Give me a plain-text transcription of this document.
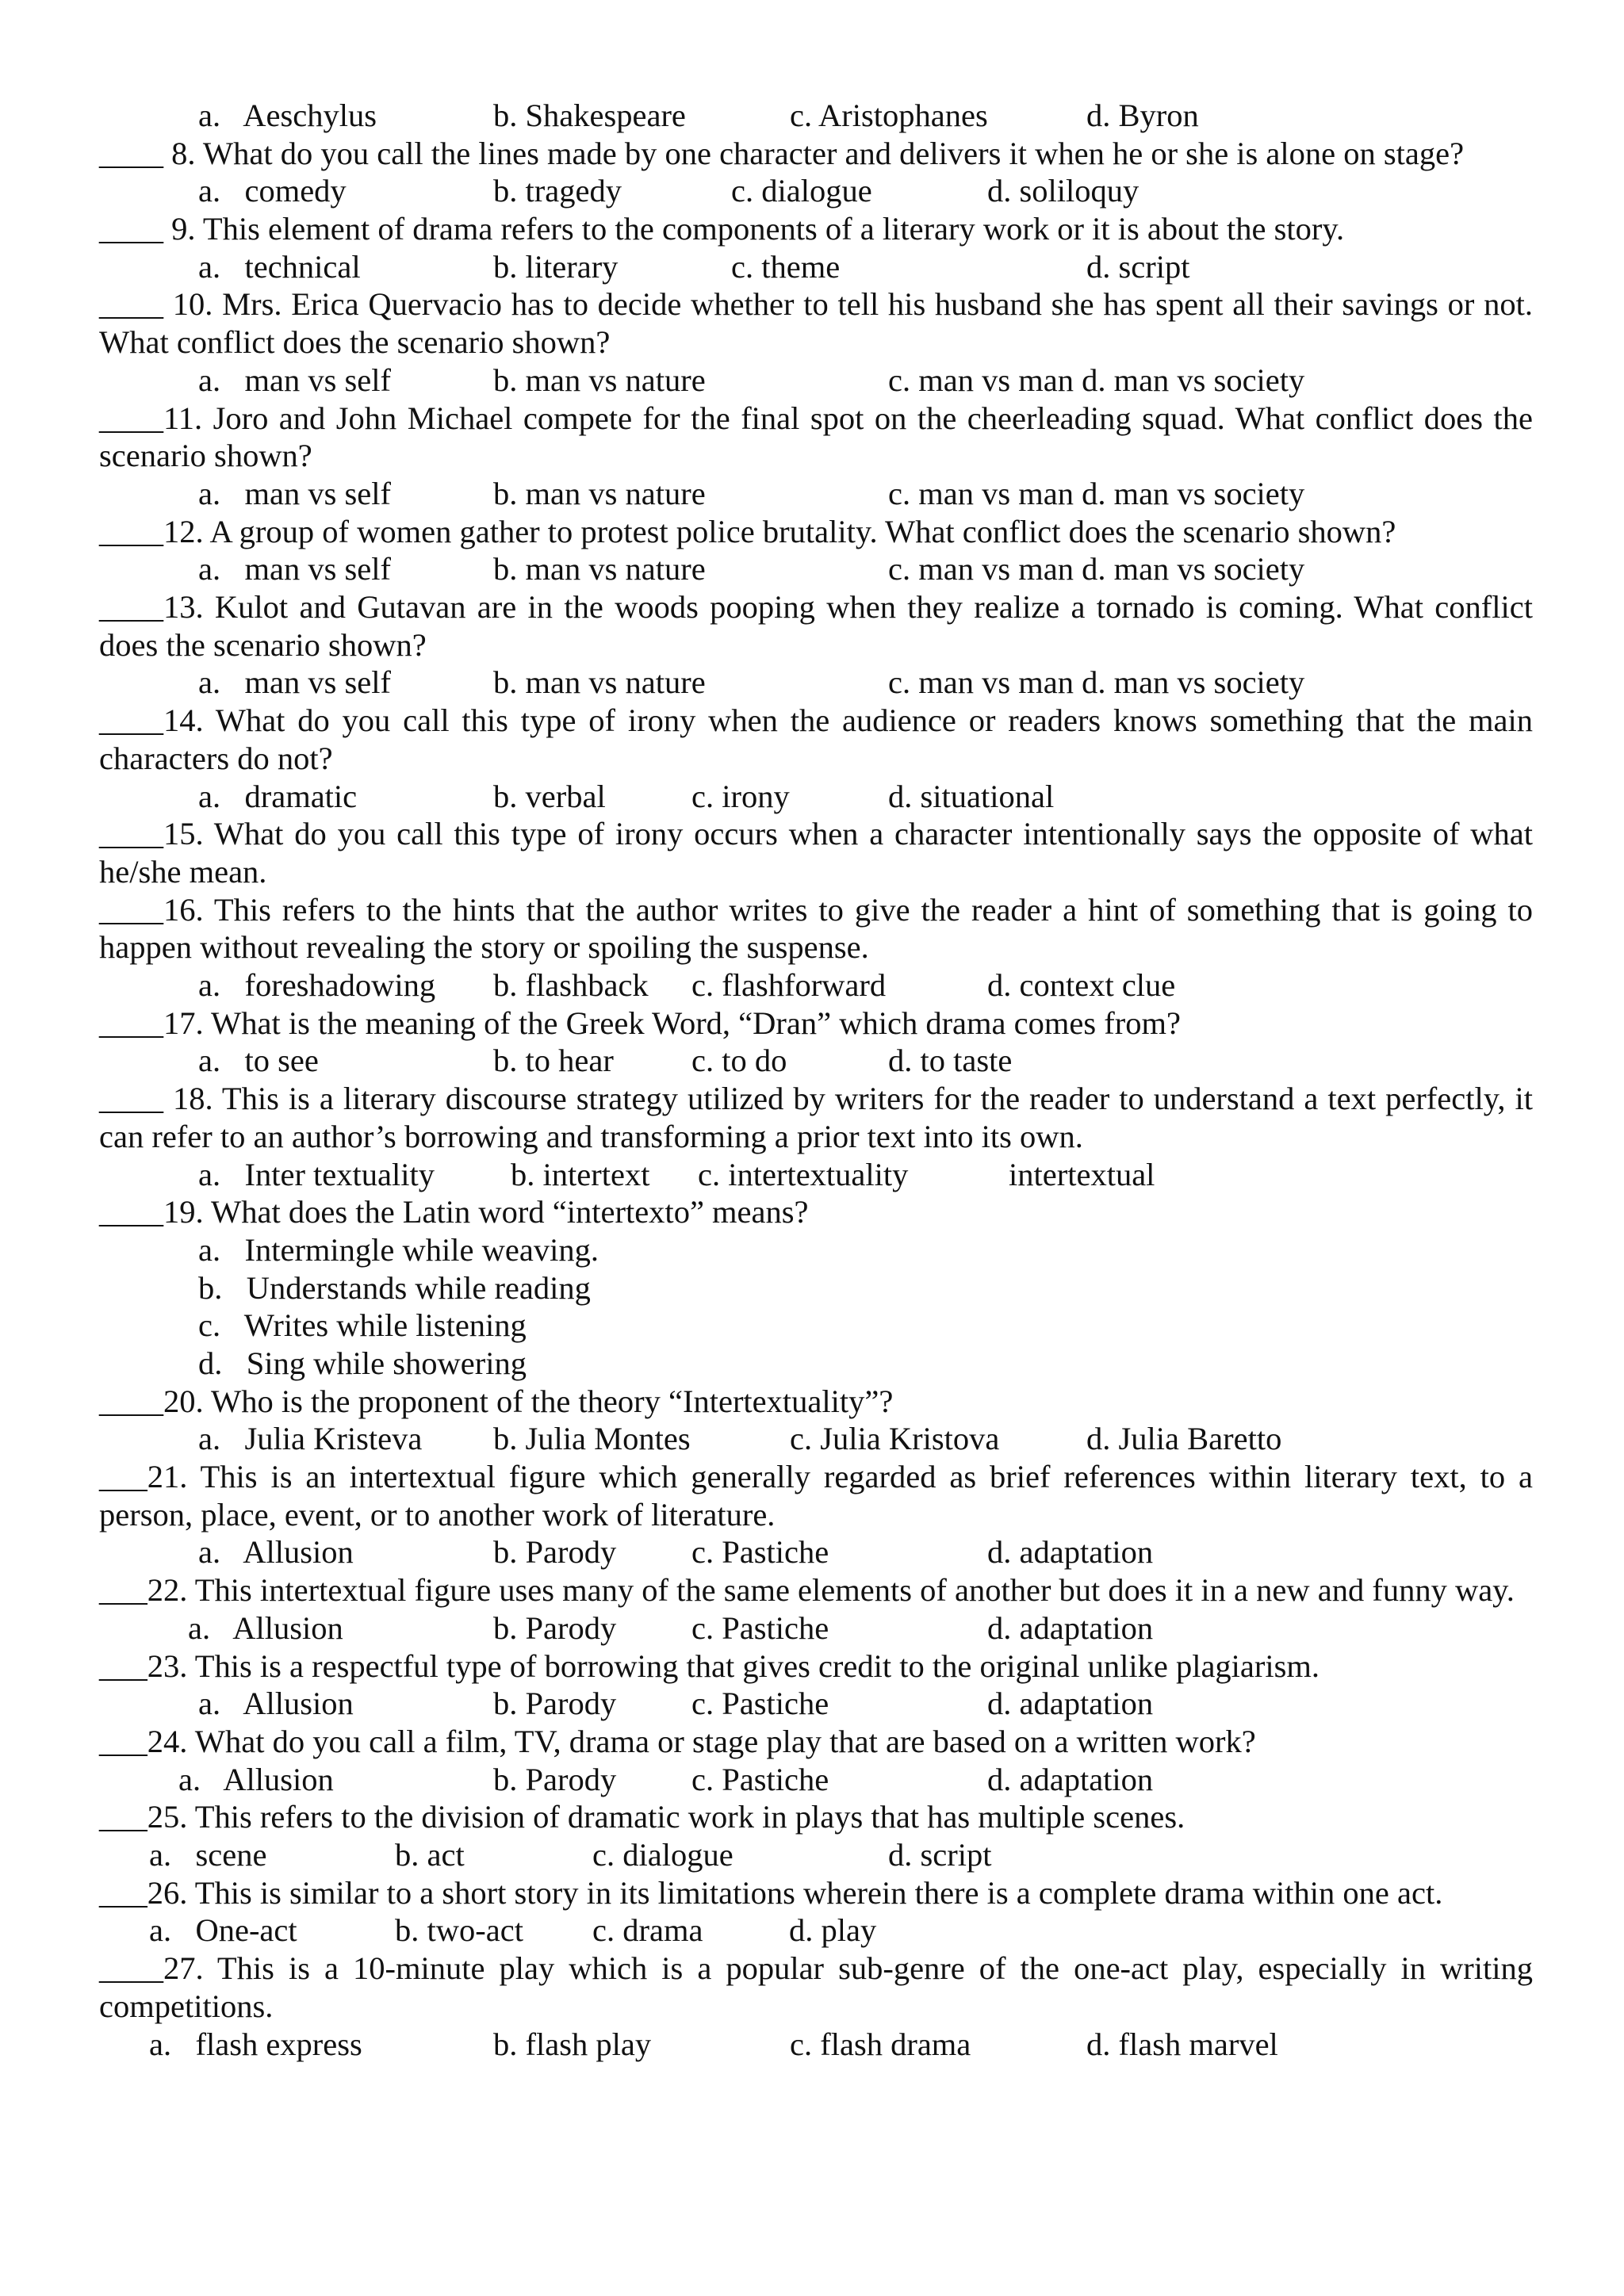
a.   Aeschylus	b. Shakespeare	c. Aristophanes	d. Byron

____ 8. What do you call the lines made by one character and delivers it when he or she is alone on stage?

a.   comedy	b. tragedy	c. dialogue	d. soliloquy

____ 9. This element of drama refers to the components of a literary work or it is about the story.

a.   technical	b. literary	c. theme	d. script

____ 10. Mrs. Erica Quervacio has to decide whether to tell his husband she has spent all their savings or not. What conflict does the scenario shown?

a.   man vs self	b. man vs nature	c. man vs man d. man vs society

____11. Joro and John Michael compete for the final spot on the cheerleading squad. What conflict does the scenario shown?

a.   man vs self	b. man vs nature	c. man vs man d. man vs society

____12. A group of women gather to protest police brutality. What conflict does the scenario shown?

a.   man vs self	b. man vs nature	c. man vs man d. man vs society

____13. Kulot and Gutavan are in the woods pooping when they realize a tornado is coming. What conflict does the scenario shown?

a.   man vs self	b. man vs nature	c. man vs man d. man vs society

____14. What do you call this type of irony when the audience or readers knows something that the main characters do not?

a.   dramatic	b. verbal	c. irony	d. situational

____15. What do you call this type of irony occurs when a character intentionally says the opposite of what he/she mean.

____16. This refers to the hints that the author writes to give the reader a hint of something that is going to happen without revealing the story or spoiling the suspense.

a.   foreshadowing b. flashback c. flashforward	d. context clue

____17. What is the meaning of the Greek Word, “Dran” which drama comes from?

a.   to see	b. to hear c. to do	d. to taste

____ 18. This is a literary discourse strategy utilized by writers for the reader to understand a text perfectly, it can refer to an author’s borrowing and transforming a prior text into its own.

a.   Inter textuality b. intertext c. intertextuality	intertextual

____19. What does the Latin word “intertexto” means?

a.   Intermingle while weaving.
b.   Understands while reading
c.   Writes while listening
d.   Sing while showering

____20. Who is the proponent of the theory “Intertextuality”?

a.   Julia Kristeva b. Julia Montes	c. Julia Kristova	d. Julia Baretto

___21. This is an intertextual figure which generally regarded as brief references within literary text, to a person, place, event, or to another work of literature.

a.   Allusion	b. Parody c. Pastiche	d. adaptation

___22. This intertextual figure uses many of the same elements of another but does it in a new and funny way.

a.   Allusion	b. Parody c. Pastiche	d. adaptation

___23. This is a respectful type of borrowing that gives credit to the original unlike plagiarism.

a.   Allusion	b. Parody c. Pastiche	d. adaptation

___24. What do you call a film, TV, drama or stage play that are based on a written work?

a.   Allusion	b. Parody c. Pastiche	d. adaptation

___25. This refers to the division of dramatic work in plays that has multiple scenes.

a.   scene	b. act	c. dialogue	d. script

___26. This is similar to a short story in its limitations wherein there is a complete drama within one act.

a.   One-act	b. two-act c. drama	d. play

____27. This is a 10-minute play which is a popular sub-genre of the one-act play, especially in writing competitions.

a.   flash express	b. flash play	c. flash drama	d. flash marvel
